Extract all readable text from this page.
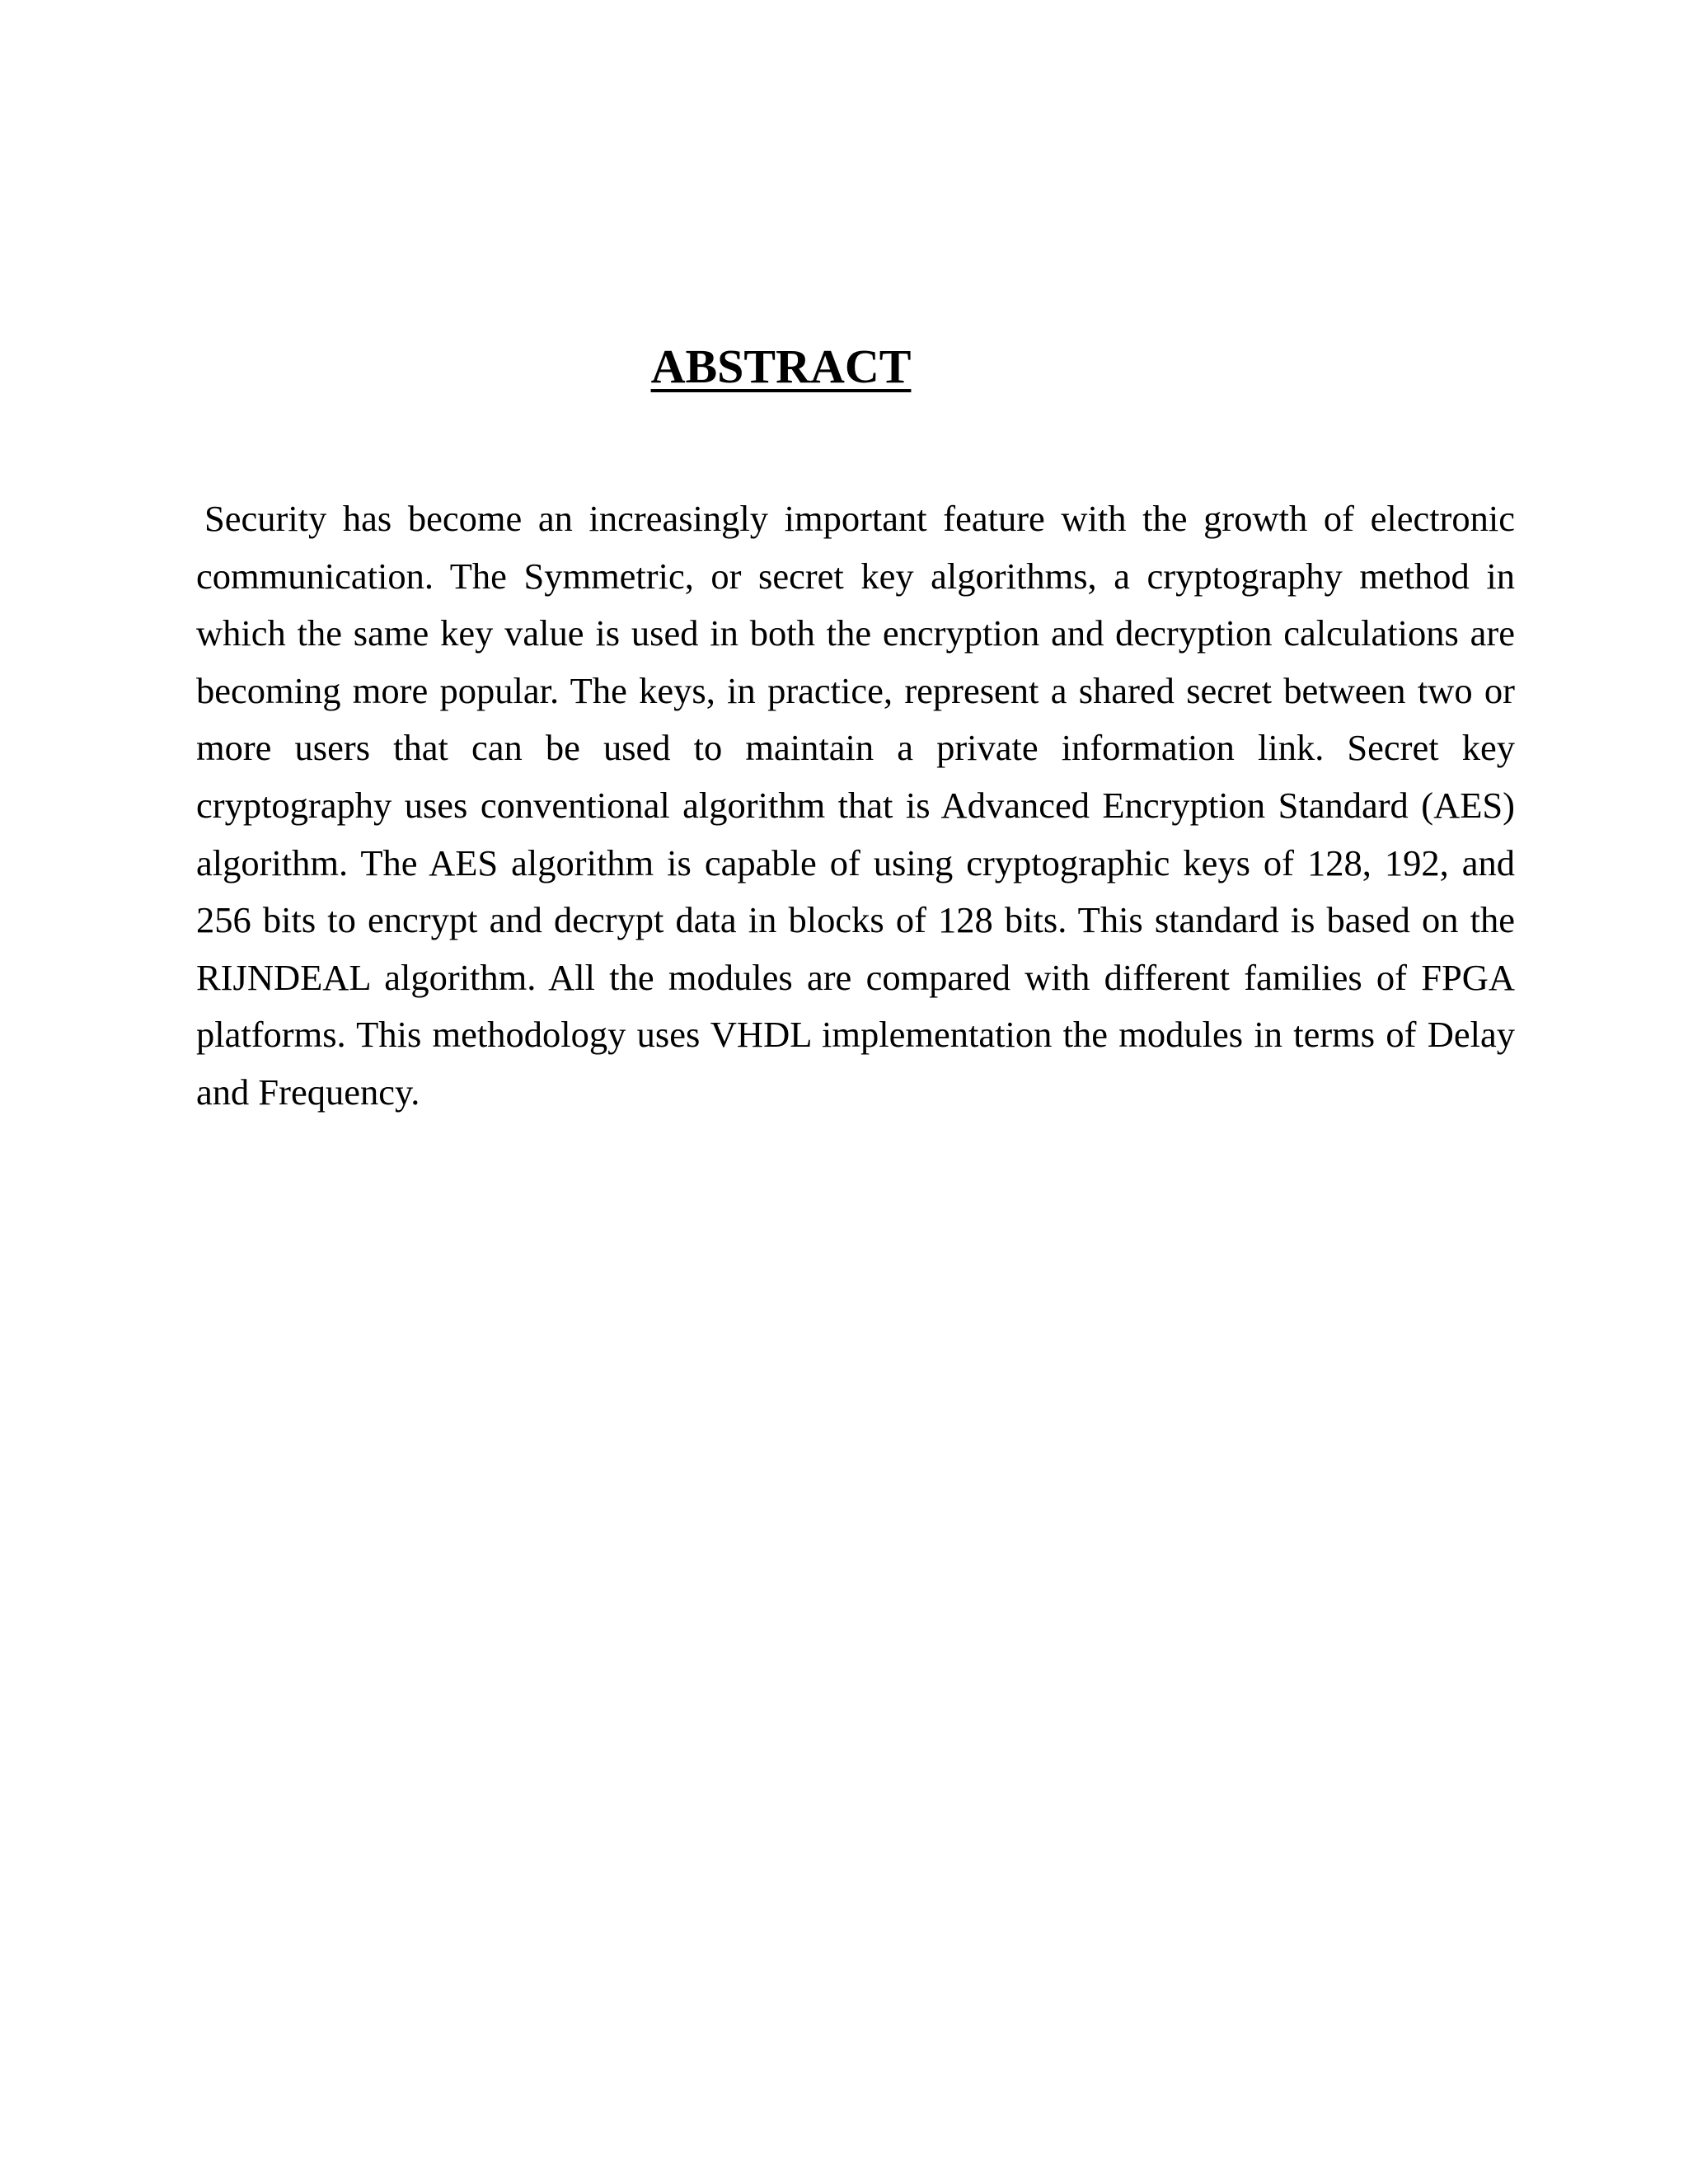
ABSTRACT

Security has become an increasingly important feature with the growth of electronic communication. The Symmetric, or secret key algorithms, a cryptography method in which the same key value is used in both the encryption and decryption calculations are becoming more popular. The keys, in practice, represent a shared secret between two or more users that can be used to maintain a private information link. Secret key cryptography uses conventional algorithm that is Advanced Encryption Standard (AES) algorithm. The AES algorithm is capable of using cryptographic keys of 128, 192, and 256 bits to encrypt and decrypt data in blocks of 128 bits. This standard is based on the RIJNDEAL algorithm. All the modules are compared with different families of FPGA platforms. This methodology uses VHDL implementation the modules in terms of Delay and Frequency.
